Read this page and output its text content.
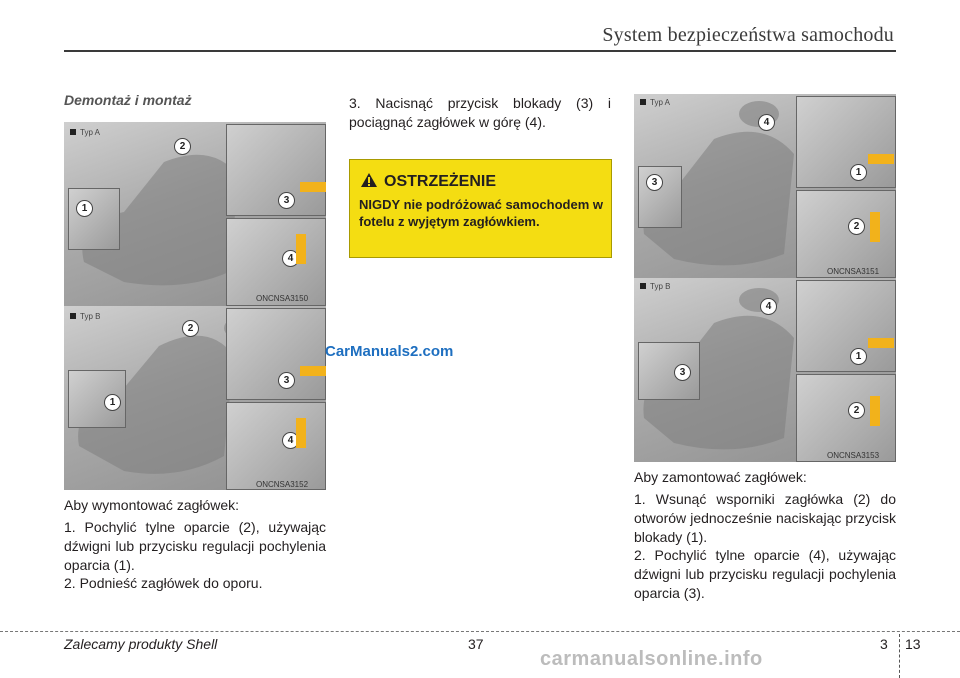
System bezpieczeństwa samochodu
Demontaż i montaż
Typ A
2
1
3
4
ONCNSA3150
Typ B
2
1
3
4
ONCNSA3152
Aby wymontować zagłówek:
1. Pochylić tylne oparcie (2), używając dźwigni lub przycisku regulacji pochylenia oparcia (1).
2. Podnieść zagłówek do oporu.
3. Nacisnąć przycisk blokady (3) i pociągnąć zagłówek w górę (4).
OSTRZEŻENIE
NIGDY nie podróżować samochodem w fotelu z wyjętym zagłówkiem.
CarManuals2.com
Typ A
4
3
1
2
ONCNSA3151
Typ B
4
3
1
2
ONCNSA3153
Aby zamontować zagłówek:
1. Wsunąć wsporniki zagłówka (2) do otworów jednocześnie naciskając przycisk blokady (1).
2. Pochylić tylne oparcie (4), używając dźwigni lub przycisku regulacji pochylenia oparcia (3).
Zalecamy produkty Shell	37	3 13
carmanualsonline.info
